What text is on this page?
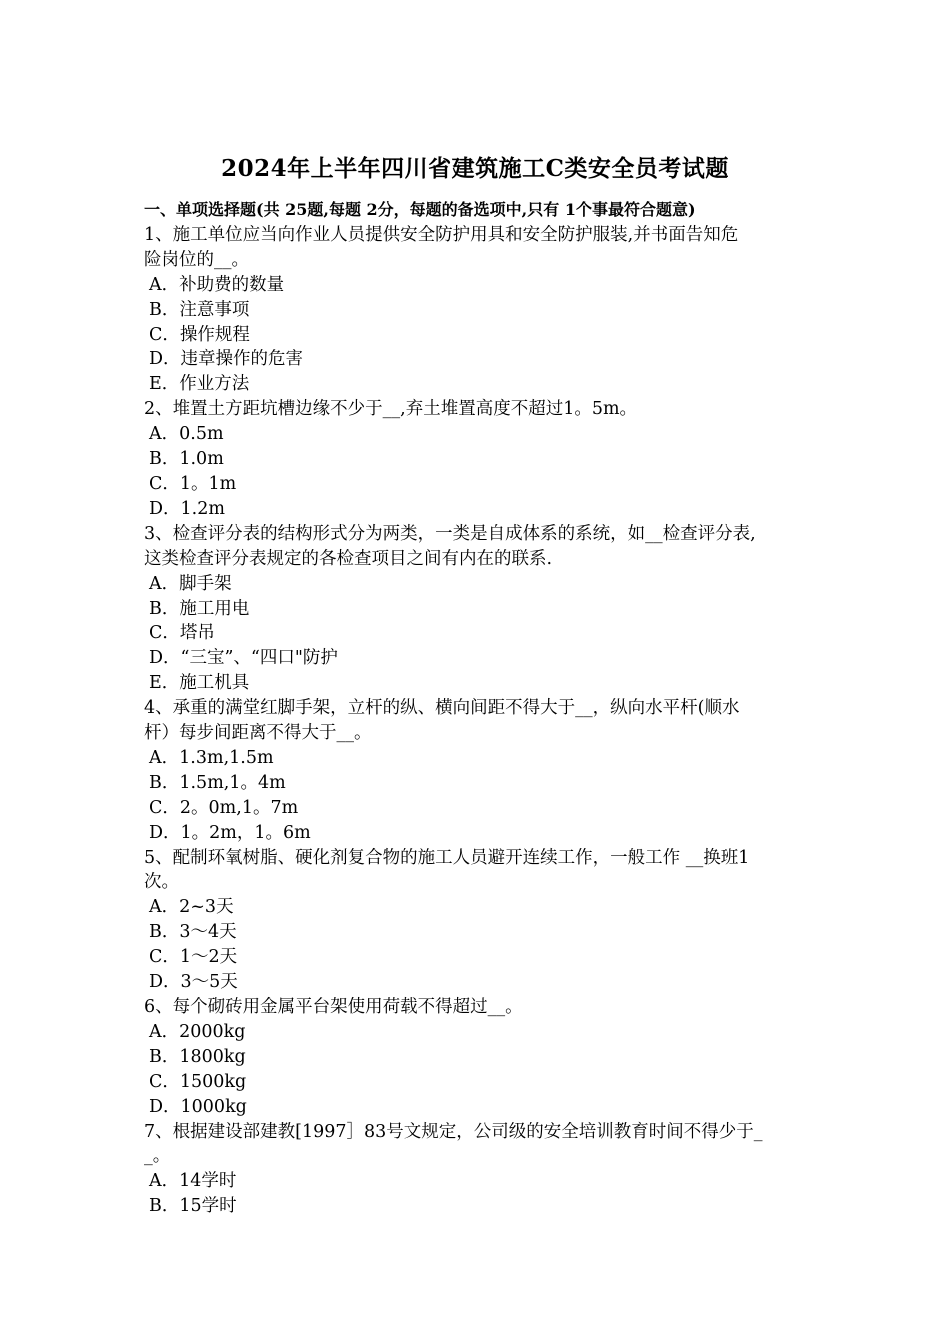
2024年上半年四川省建筑施工C类安全员考试题
一、单项选择题(共 25题,每题 2分，每题的备选项中,只有 1个事最符合题意)
1、施工单位应当向作业人员提供安全防护用具和安全防护服装,并书面告知危
险岗位的__。
A．补助费的数量
B．注意事项
C．操作规程
D．违章操作的危害
E．作业方法
2、堆置土方距坑槽边缘不少于__,弃土堆置高度不超过1。5m。
A．0.5m
B．1.0m
C．1。1m
D．1.2m
3、检查评分表的结构形式分为两类，一类是自成体系的系统，如__检查评分表,
这类检查评分表规定的各检查项目之间有内在的联系.
A．脚手架
B．施工用电
C．塔吊
D．“三宝”、“四口"防护
E．施工机具
4、承重的满堂红脚手架，立杆的纵、横向间距不得大于__，纵向水平杆(顺水
杆）每步间距离不得大于__。
A．1.3m,1.5m
B．1.5m,1。4m
C．2。0m,1。7m
D．1。2m，1。6m
5、配制环氧树脂、硬化剂复合物的施工人员避开连续工作，一般工作 __换班1
次。
A．2~3天
B．3～4天
C．1～2天
D．3～5天
6、每个砌砖用金属平台架使用荷载不得超过__。
A．2000kg
B．1800kg
C．1500kg
D．1000kg
7、根据建设部建教[1997］83号文规定，公司级的安全培训教育时间不得少于_
_。
A．14学时
B．15学时
